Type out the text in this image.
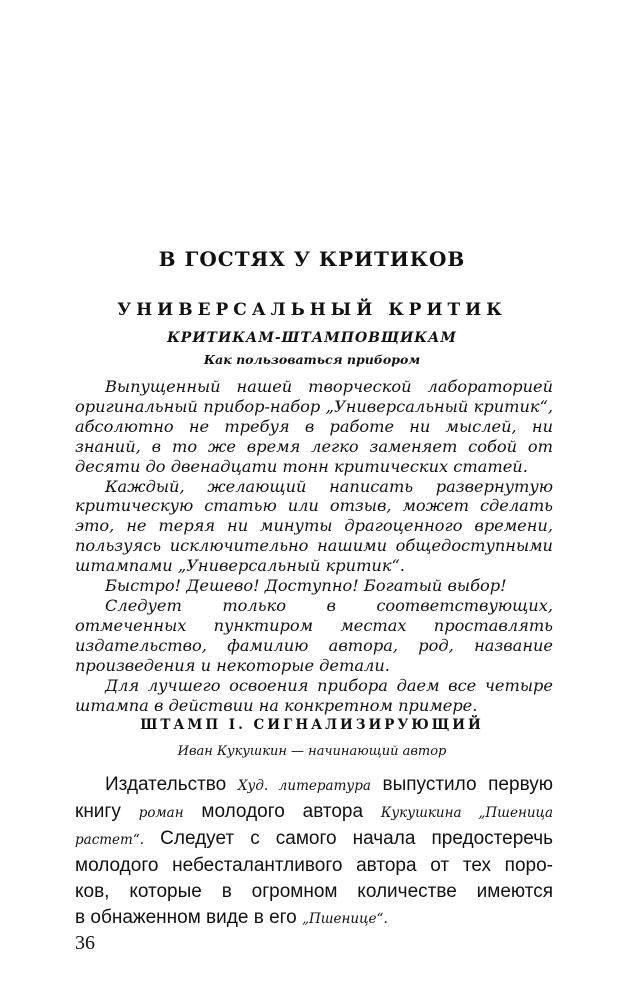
В ГОСТЯХ У КРИТИКОВ
УНИВЕРСАЛЬНЫЙ КРИТИК
КРИТИКАМ-ШТАМПОВЩИКАМ
Как пользоваться прибором

Выпущенный нашей творческой лабораторией оригинальный прибор-набор „Универсальный критик“, абсолютно не требуя в работе ни мыслей, ни знаний, в то же время легко заменяет собой от десяти до двенадцати тонн критических статей.

Каждый, желающий написать развернутую критическую статью или отзыв, может сделать это, не теряя ни минуты драгоценного времени, пользуясь исключительно нашими общедоступными штампами „Универсальный критик“.

Быстро! Дешево! Доступно! Богатый выбор!

Следует только в соответствующих, отмеченных пунктиром местах проставлять издательство, фамилию автора, род, название произведения и некоторые детали.

Для лучшего освоения прибора даем все четыре штампа в действии на конкретном примере.

ШТАМП I. СИГНАЛИЗИРУЮЩИЙ
Иван Кукушкин — начинающий автор
Издательство Худ. литература выпустило первую
книгу роман молодого автора Кукушкина „Пшеница
растет“. Следует с самого начала предостеречь
молодого небесталантливого автора от тех поро-
ков, которые в огромном количестве имеются
в обнаженном виде в его „Пшенице“.
36
